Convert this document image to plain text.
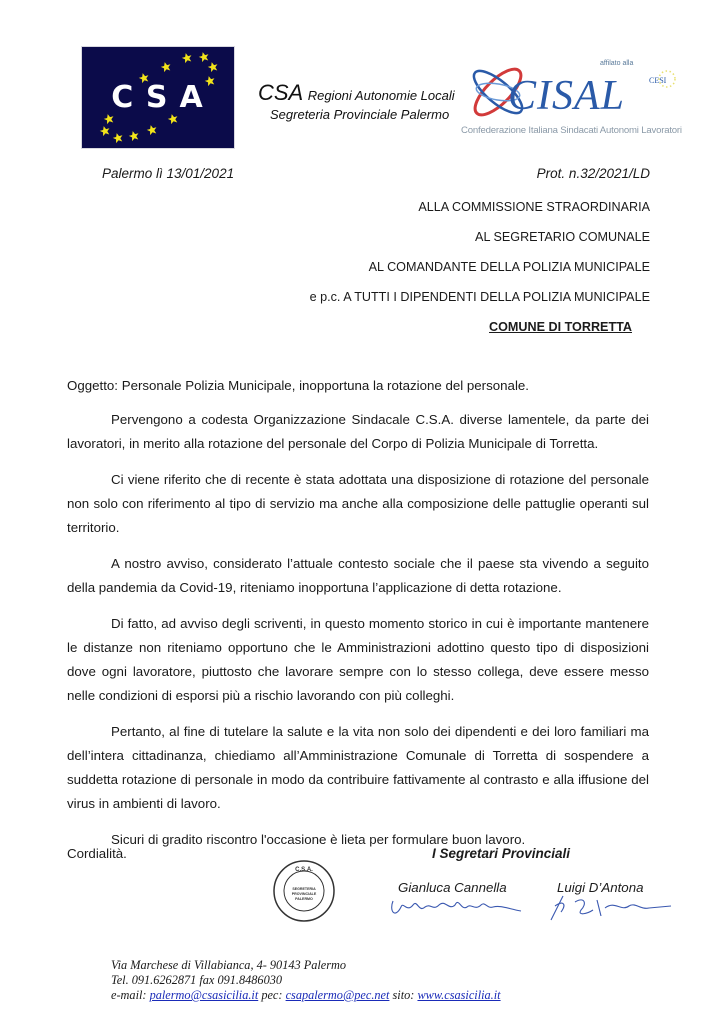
CSA	CSA Regioni Autonomie Locali
Segreteria Provinciale Palermo
affilato alla
CESI
CISAL
Confederazione Italiana Sindacati Autonomi Lavoratori
Palermo lì 13/01/2021	Prot. n.32/2021/LD
ALLA COMMISSIONE STRAORDINARIA
AL SEGRETARIO COMUNALE
AL COMANDANTE DELLA POLIZIA MUNICIPALE
e p.c. A TUTTI I DIPENDENTI DELLA POLIZIA MUNICIPALE
COMUNE DI TORRETTA

Oggetto: Personale Polizia Municipale, inopportuna la rotazione del personale.

Pervengono a codesta Organizzazione Sindacale C.S.A. diverse lamentele, da parte dei lavoratori, in merito alla rotazione del personale del Corpo di Polizia Municipale di Torretta.

Ci viene riferito che di recente è stata adottata una disposizione di rotazione del personale non solo con riferimento al tipo di servizio ma anche alla composizione delle pattuglie operanti sul territorio.

A nostro avviso, considerato l’attuale contesto sociale che il paese sta vivendo a seguito della pandemia da Covid-19, riteniamo inopportuna l’applicazione di detta rotazione.

Di fatto, ad avviso degli scriventi, in questo momento storico in cui è importante mantenere le distanze non riteniamo opportuno che le Amministrazioni adottino questo tipo di disposizioni dove ogni lavoratore, piuttosto che lavorare sempre con lo stesso collega, deve essere messo nelle condizioni di esporsi più a rischio lavorando con più colleghi.

Pertanto, al fine di tutelare la salute e la vita non solo dei dipendenti e dei loro familiari ma dell’intera cittadinanza, chiediamo all’Amministrazione Comunale di Torretta di sospendere a suddetta rotazione di personale in modo da contribuire fattivamente al contrasto e alla iffusione del virus in ambienti di lavoro.

Sicuri di gradito riscontro l'occasione è lieta per formulare buon lavoro.

Cordialità.	I Segretari Provinciali
C.S.A.
SEGRETERIA
PROVINCIALE
PALERMO
Gianluca Cannella	Luigi D’Antona
Via Marchese di Villabianca, 4- 90143 Palermo
Tel. 091.6262871 fax 091.8486030
e-mail: palermo@csasicilia.it pec: csapalermo@pec.net sito: www.csasicilia.it
